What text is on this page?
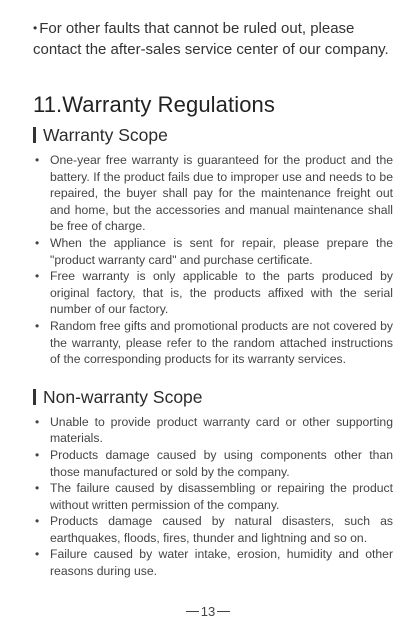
• For other faults that cannot be ruled out, please contact the after-sales service center of our company.

11.Warranty Regulations
Warranty Scope
• One-year free warranty is guaranteed for the product and the battery. If the product fails due to improper use and needs to be repaired, the buyer shall pay for the maintenance freight out and home, but the accessories and manual maintenance shall be free of charge.
• When the appliance is sent for repair, please prepare the "product warranty card" and purchase certificate.
• Free warranty is only applicable to the parts produced by original factory, that is, the products affixed with the serial number of our factory.
• Random free gifts and promotional products are not covered by the warranty, please refer to the random attached instructions of the corresponding products for its warranty services.
Non-warranty Scope
• Unable to provide product warranty card or other supporting materials.
• Products damage caused by using components other than those manufactured or sold by the company.
• The failure caused by disassembling or repairing the product without written permission of the company.
• Products damage caused by natural disasters, such as earthquakes, floods, fires, thunder and lightning and so on.
• Failure caused by water intake, erosion, humidity and other reasons during use.
13
